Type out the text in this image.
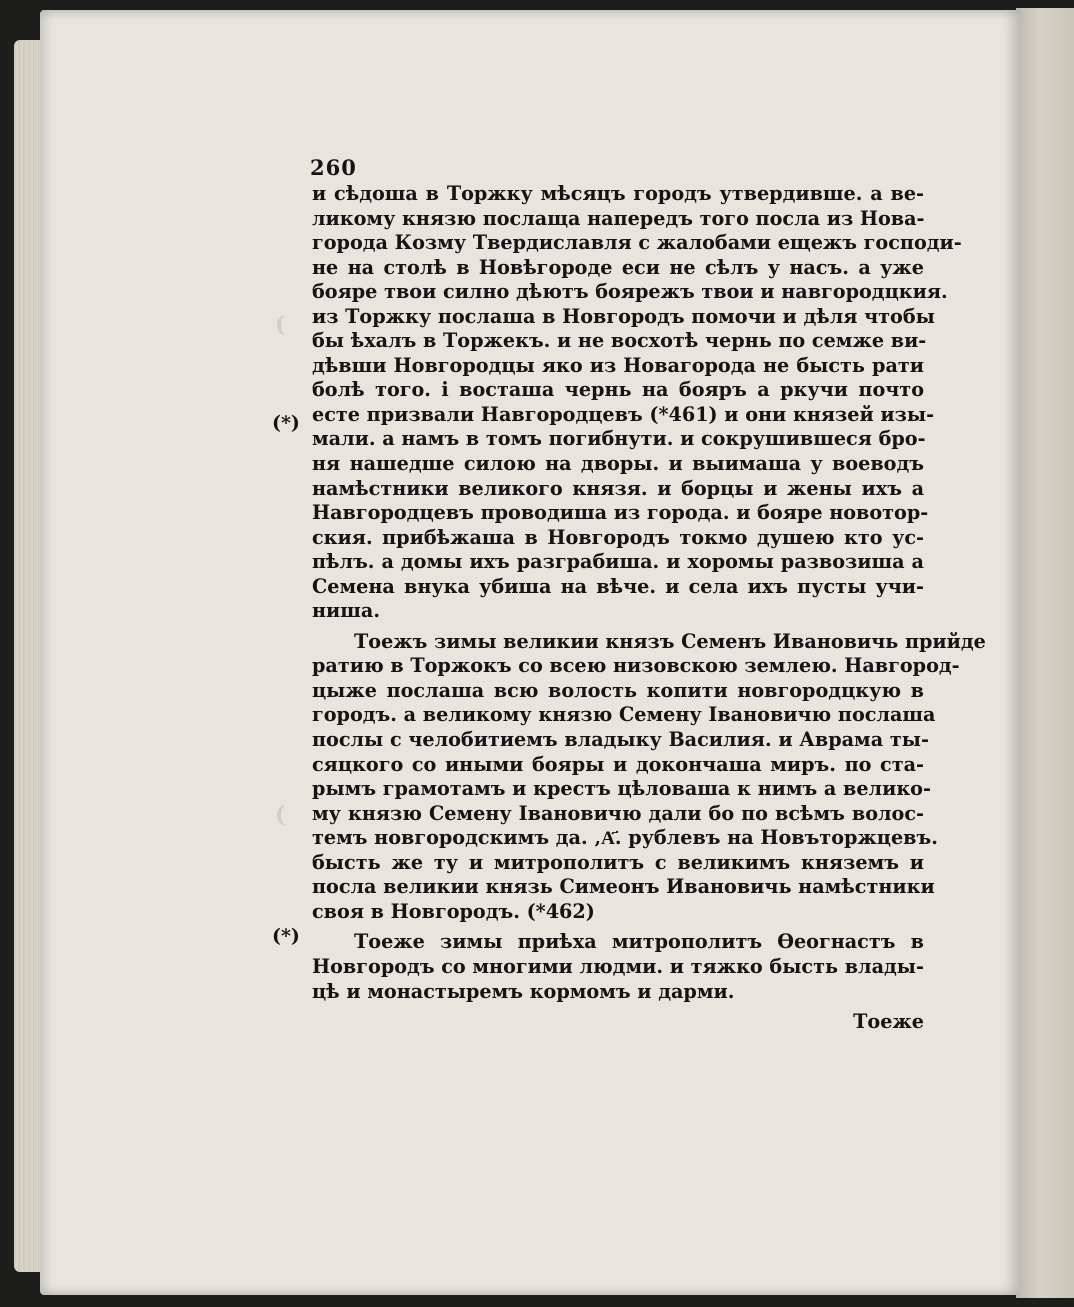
(
(
260
(*)
(*)
и сѣдоша в Торжку мѣсяцъ городъ утвердивше. а ве-
ликому князю послаща напередъ того посла из Нова-
города Козму Твердиславля с жалобами ещежъ господи-
не на столѣ в Новѣгороде еси не сѣлъ у насъ. а уже
бояре твои силно дѣютъ боярежъ твои и навгородцкия.
из Торжку послаша в Новгородъ помочи и дѣля чтобы
бы ѣхалъ в Торжекъ. и не восхотѣ чернь по семже ви-
дѣвши Новгородцы яко из Новагорода не бысть рати
болѣ того. і восташа чернь на бояръ а ркучи почто
есте призвали Навгородцевъ (*461) и они князей изы-
мали. а намъ в томъ погибнути. и сокрушившеся бро-
ня нашедше силою на дворы. и выимаша у воеводъ
намѣстники великого князя. и борцы и жены ихъ а
Навгородцевъ проводиша из города. и бояре новотор-
ския. прибѣжаша в Новгородъ токмо душею кто ус-
пѣлъ. а домы ихъ разграбиша. и хоромы развозиша а
Семена внука убиша на вѣче. и села ихъ пусты учи-
ниша.
Тоежъ зимы великии князъ Семенъ Ивановичь прийде
ратию в Торжокъ со всею низовскою землею. Навгород-
цыже послаша всю волость копити новгородцкую в
городъ. а великому князю Семену Івановичю послаша
послы с челобитиемъ владыку Василия. и Аврама ты-
сяцкого со иными бояры и докончаша миръ. по ста-
рымъ грамотамъ и крестъ цѣловаша к нимъ а велико-
му князю Семену Івановичю дали бо по всѣмъ волос-
темъ новгородскимъ да. ‚А҃. рублевъ на Новъторжцевъ.
бысть же ту и митрополитъ с великимъ княземъ и
посла великии князь Симеонъ Ивановичь намѣстники
своя в Новгородъ. (*462)
Тоеже зимы приѣха митрополитъ Ѳеогнастъ в
Новгородъ со многими людми. и тяжко бысть влады-
цѣ и монастыремъ кормомъ и дарми.
Тоеже
